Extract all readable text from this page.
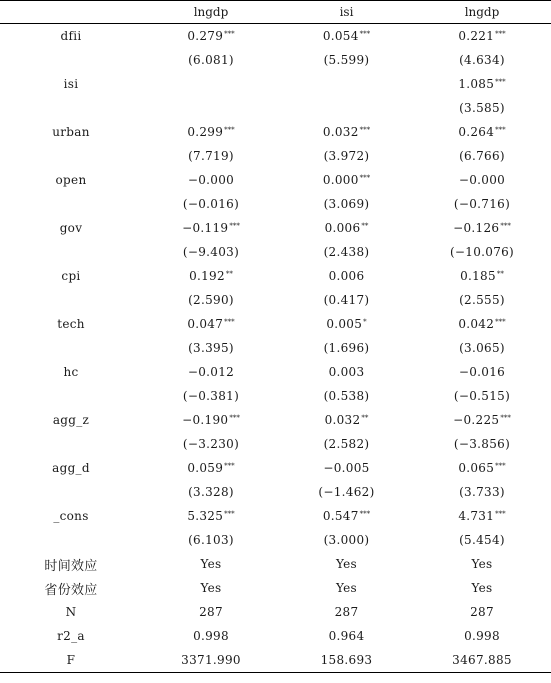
	lngdp	isi	lngdp
dfii	0.279***	0.054***	0.221***
	(6.081)	(5.599)	(4.634)
isi			1.085***
			(3.585)
urban	0.299***	0.032***	0.264***
	(7.719)	(3.972)	(6.766)
open	−0.000	0.000***	−0.000
	(−0.016)	(3.069)	(−0.716)
gov	−0.119***	0.006**	−0.126***
	(−9.403)	(2.438)	(−10.076)
cpi	0.192**	0.006	0.185**
	(2.590)	(0.417)	(2.555)
tech	0.047***	0.005*	0.042***
	(3.395)	(1.696)	(3.065)
hc	−0.012	0.003	−0.016
	(−0.381)	(0.538)	(−0.515)
agg_z	−0.190***	0.032**	−0.225***
	(−3.230)	(2.582)	(−3.856)
agg_d	0.059***	−0.005	0.065***
	(3.328)	(−1.462)	(3.733)
_cons	5.325***	0.547***	4.731***
	(6.103)	(3.000)	(5.454)
时间效应	Yes	Yes	Yes
省份效应	Yes	Yes	Yes
N	287	287	287
r2_a	0.998	0.964	0.998
F	3371.990	158.693	3467.885
